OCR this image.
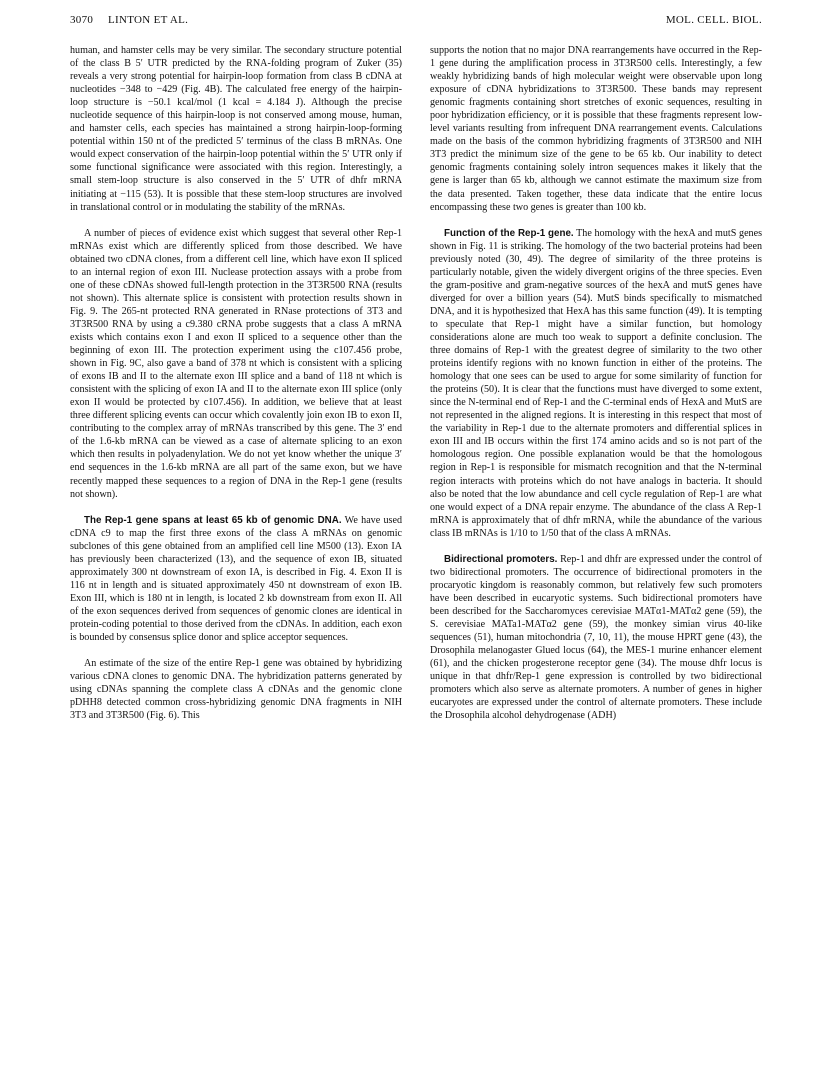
3070 LINTON ET AL.	MOL. CELL. BIOL.

human, and hamster cells may be very similar. The secondary structure potential of the class B 5′ UTR predicted by the RNA-folding program of Zuker (35) reveals a very strong potential for hairpin-loop formation from class B cDNA at nucleotides −348 to −429 (Fig. 4B). The calculated free energy of the hairpin-loop structure is −50.1 kcal/mol (1 kcal = 4.184 J). Although the precise nucleotide sequence of this hairpin-loop is not conserved among mouse, human, and hamster cells, each species has maintained a strong hairpin-loop-forming potential within 150 nt of the predicted 5′ terminus of the class B mRNAs. One would expect conservation of the hairpin-loop potential within the 5′ UTR only if some functional significance were associated with this region. Interestingly, a small stem-loop structure is also conserved in the 5′ UTR of dhfr mRNA initiating at −115 (53). It is possible that these stem-loop structures are involved in translational control or in modulating the stability of the mRNAs.

A number of pieces of evidence exist which suggest that several other Rep-1 mRNAs exist which are differently spliced from those described. We have obtained two cDNA clones, from a different cell line, which have exon II spliced to an internal region of exon III. Nuclease protection assays with a probe from one of these cDNAs showed full-length protection in the 3T3R500 RNA (results not shown). This alternate splice is consistent with protection results shown in Fig. 9. The 265-nt protected RNA generated in RNase protections of 3T3 and 3T3R500 RNA by using a c9.380 cRNA probe suggests that a class A mRNA exists which contains exon I and exon II spliced to a sequence other than the beginning of exon III. The protection experiment using the c107.456 probe, shown in Fig. 9C, also gave a band of 378 nt which is consistent with a splicing of exons IB and II to the alternate exon III splice and a band of 118 nt which is consistent with the splicing of exon IA and II to the alternate exon III splice (only exon II would be protected by c107.456). In addition, we believe that at least three different splicing events can occur which covalently join exon IB to exon II, contributing to the complex array of mRNAs transcribed by this gene. The 3′ end of the 1.6-kb mRNA can be viewed as a case of alternate splicing to an exon which then results in polyadenylation. We do not yet know whether the unique 3′ end sequences in the 1.6-kb mRNA are all part of the same exon, but we have recently mapped these sequences to a region of DNA in the Rep-1 gene (results not shown).

The Rep-1 gene spans at least 65 kb of genomic DNA. We have used cDNA c9 to map the first three exons of the class A mRNAs on genomic subclones of this gene obtained from an amplified cell line M500 (13). Exon IA has previously been characterized (13), and the sequence of exon IB, situated approximately 300 nt downstream of exon IA, is described in Fig. 4. Exon II is 116 nt in length and is situated approximately 450 nt downstream of exon IB. Exon III, which is 180 nt in length, is located 2 kb downstream from exon II. All of the exon sequences derived from sequences of genomic clones are identical in protein-coding potential to those derived from the cDNAs. In addition, each exon is bounded by consensus splice donor and splice acceptor sequences.

An estimate of the size of the entire Rep-1 gene was obtained by hybridizing various cDNA clones to genomic DNA. The hybridization patterns generated by using cDNAs spanning the complete class A cDNAs and the genomic clone pDHH8 detected common cross-hybridizing genomic DNA fragments in NIH 3T3 and 3T3R500 (Fig. 6). This

supports the notion that no major DNA rearrangements have occurred in the Rep-1 gene during the amplification process in 3T3R500 cells. Interestingly, a few weakly hybridizing bands of high molecular weight were observable upon long exposure of cDNA hybridizations to 3T3R500. These bands may represent genomic fragments containing short stretches of exonic sequences, resulting in poor hybridization efficiency, or it is possible that these fragments represent low-level variants resulting from infrequent DNA rearrangement events. Calculations made on the basis of the common hybridizing fragments of 3T3R500 and NIH 3T3 predict the minimum size of the gene to be 65 kb. Our inability to detect genomic fragments containing solely intron sequences makes it likely that the gene is larger than 65 kb, although we cannot estimate the maximum size from the data presented. Taken together, these data indicate that the entire locus encompassing these two genes is greater than 100 kb.

Function of the Rep-1 gene. The homology with the hexA and mutS genes shown in Fig. 11 is striking. The homology of the two bacterial proteins had been previously noted (30, 49). The degree of similarity of the three proteins is particularly notable, given the widely divergent origins of the three species. Even the gram-positive and gram-negative sources of the hexA and mutS genes have diverged for over a billion years (54). MutS binds specifically to mismatched DNA, and it is hypothesized that HexA has this same function (49). It is tempting to speculate that Rep-1 might have a similar function, but homology considerations alone are much too weak to support a definite conclusion. The three domains of Rep-1 with the greatest degree of similarity to the two other proteins identify regions with no known function in either of the proteins. The homology that one sees can be used to argue for some similarity of function for the proteins (50). It is clear that the functions must have diverged to some extent, since the N-terminal end of Rep-1 and the C-terminal ends of HexA and MutS are not represented in the aligned regions. It is interesting in this respect that most of the variability in Rep-1 due to the alternate promoters and differential splices in exon III and IB occurs within the first 174 amino acids and so is not part of the homologous region. One possible explanation would be that the homologous region in Rep-1 is responsible for mismatch recognition and that the N-terminal region interacts with proteins which do not have analogs in bacteria. It should also be noted that the low abundance and cell cycle regulation of Rep-1 are what one would expect of a DNA repair enzyme. The abundance of the class A Rep-1 mRNA is approximately that of dhfr mRNA, while the abundance of the various class IB mRNAs is 1/10 to 1/50 that of the class A mRNAs.

Bidirectional promoters. Rep-1 and dhfr are expressed under the control of two bidirectional promoters. The occurrence of bidirectional promoters in the procaryotic kingdom is reasonably common, but relatively few such promoters have been described in eucaryotic systems. Such bidirectional promoters have been described for the Saccharomyces cerevisiae MATα1-MATα2 gene (59), the S. cerevisiae MATa1-MATα2 gene (59), the monkey simian virus 40-like sequences (51), human mitochondria (7, 10, 11), the mouse HPRT gene (43), the Drosophila melanogaster Glued locus (64), the MES-1 murine enhancer element (61), and the chicken progesterone receptor gene (34). The mouse dhfr locus is unique in that dhfr/Rep-1 gene expression is controlled by two bidirectional promoters which also serve as alternate promoters. A number of genes in higher eucaryotes are expressed under the control of alternate promoters. These include the Drosophila alcohol dehydrogenase (ADH)
